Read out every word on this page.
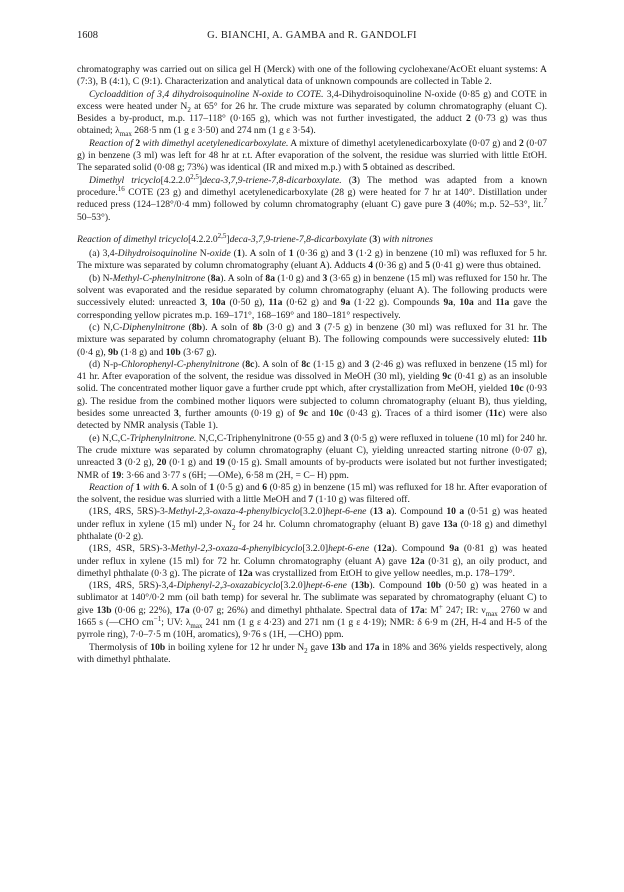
1608	G. BIANCHI, A. GAMBA and R. GANDOLFI

chromatography was carried out on silica gel H (Merck) with one of the following cyclohexane/AcOEt eluant systems: A (7:3), B (4:1), C (9:1). Characterization and analytical data of unknown compounds are collected in Table 2.

Cycloaddition of 3,4 dihydroisoquinoline N-oxide to COTE. 3,4-Dihydroisoquinoline N-oxide (0·85 g) and COTE in excess were heated under $N_2$ at 65° for 26 hr. The crude mixture was separated by column chromatography (eluant C). Besides a by-product, m.p. 117–118° (0·165 g), which was not further investigated, the adduct 2 (0·73 g) was thus obtained; $\lambda_{max}$ 268·5 nm (1 g ε 3·50) and 274 nm (1 g ε 3·54).

Reaction of 2 with dimethyl acetylenedicarboxylate. A mixture of dimethyl acetylenedicarboxylate (0·07 g) and 2 (0·07 g) in benzene (3 ml) was left for 48 hr at r.t. After evaporation of the solvent, the residue was slurried with little EtOH. The separated solid (0·08 g; 73%) was identical (IR and mixed m.p.) with 5 obtained as described.

Dimethyl tricyclo[4.2.2.0$^{2,5}$]deca-3,7,9-triene-7,8-dicarboxylate. (3) The method was adapted from a known procedure.$^{16}$ COTE (23 g) and dimethyl acetylenedicarboxylate (28 g) were heated for 7 hr at 140°. Distillation under reduced press (124–128°/0·4 mm) followed by column chromatography (eluant C) gave pure 3 (40%; m.p. 52–53°, lit.$^7$ 50–53°).

Reaction of dimethyl tricyclo[4.2.2.0$^{2,5}$]deca-3,7,9-triene-7,8-dicarboxylate (3) with nitrones

(a) 3,4-Dihydroisoquinoline N-oxide (1). A soln of 1 (0·36 g) and 3 (1·2 g) in benzene (10 ml) was refluxed for 5 hr. The mixture was separated by column chromatography (eluant A). Adducts 4 (0·36 g) and 5 (0·41 g) were thus obtained.

(b) N-Methyl-C-phenylnitrone (8a). A soln of 8a (1·0 g) and 3 (3·65 g) in benzene (15 ml) was refluxed for 150 hr. The solvent was evaporated and the residue separated by column chromatography (eluant A). The following products were successively eluted: unreacted 3, 10a (0·50 g), 11a (0·62 g) and 9a (1·22 g). Compounds 9a, 10a and 11a gave the corresponding yellow picrates m.p. 169–171°, 168–169° and 180–181° respectively.

(c) N,C-Diphenylnitrone (8b). A soln of 8b (3·0 g) and 3 (7·5 g) in benzene (30 ml) was refluxed for 31 hr. The mixture was separated by column chromatography (eluant B). The following compounds were successively eluted: 11b (0·4 g), 9b (1·8 g) and 10b (3·67 g).

(d) N-p-Chlorophenyl-C-phenylnitrone (8c). A soln of 8c (1·15 g) and 3 (2·46 g) was refluxed in benzene (15 ml) for 41 hr. After evaporation of the solvent, the residue was dissolved in MeOH (30 ml), yielding 9c (0·41 g) as an insoluble solid. The concentrated mother liquor gave a further crude ppt which, after crystallization from MeOH, yielded 10c (0·93 g). The residue from the combined mother liquors were subjected to column chromatography (eluant B), thus yielding, besides some unreacted 3, further amounts (0·19 g) of 9c and 10c (0·43 g). Traces of a third isomer (11c) were also detected by NMR analysis (Table 1).

(e) N,C,C-Triphenylnitrone. N,C,C-Triphenylnitrone (0·55 g) and 3 (0·5 g) were refluxed in toluene (10 ml) for 240 hr. The crude mixture was separated by column chromatography (eluant C), yielding unreacted starting nitrone (0·07 g), unreacted 3 (0·2 g), 20 (0·1 g) and 19 (0·15 g). Small amounts of by-products were isolated but not further investigated; NMR of 19: 3·66 and 3·77 s (6H; —OMe), 6·58 m (2H, = C– H) ppm.

Reaction of 1 with 6. A soln of 1 (0·5 g) and 6 (0·85 g) in benzene (15 ml) was refluxed for 18 hr. After evaporation of the solvent, the residue was slurried with a little MeOH and 7 (1·10 g) was filtered off.

(1RS, 4RS, 5RS)-3-Methyl-2,3-oxaza-4-phenylbicyclo[3.2.0]hept-6-ene (13 a). Compound 10 a (0·51 g) was heated under reflux in xylene (15 ml) under $N_2$ for 24 hr. Column chromatography (eluant B) gave 13a (0·18 g) and dimethyl phthalate (0·2 g).

(1RS, 4SR, 5RS)-3-Methyl-2,3-oxaza-4-phenylbicyclo[3.2.0]hept-6-ene (12a). Compound 9a (0·81 g) was heated under reflux in xylene (15 ml) for 72 hr. Column chromatography (eluant A) gave 12a (0·31 g), an oily product, and dimethyl phthalate (0·3 g). The picrate of 12a was crystallized from EtOH to give yellow needles, m.p. 178–179°.

(1RS, 4RS, 5RS)-3,4-Diphenyl-2,3-oxazabicyclo[3.2.0]hept-6-ene (13b). Compound 10b (0·50 g) was heated in a sublimator at 140°/0·2 mm (oil bath temp) for several hr. The sublimate was separated by chromatography (eluant C) to give 13b (0·06 g; 22%), 17a (0·07 g; 26%) and dimethyl phthalate. Spectral data of 17a: M+ 247; IR: $\nu_{max}$ 2760 w and 1665 s (—CHO $cm^{-1}$; UV: $\lambda_{max}$ 241 nm (1 g ε 4·23) and 271 nm (1 g ε 4·19); NMR: δ 6·9 m (2H, H-4 and H-5 of the pyrrole ring), 7·0–7·5 m (10H, aromatics), 9·76 s (1H, —CHO) ppm.

Thermolysis of 10b in boiling xylene for 12 hr under $N_2$ gave 13b and 17a in 18% and 36% yields respectively, along with dimethyl phthalate.
